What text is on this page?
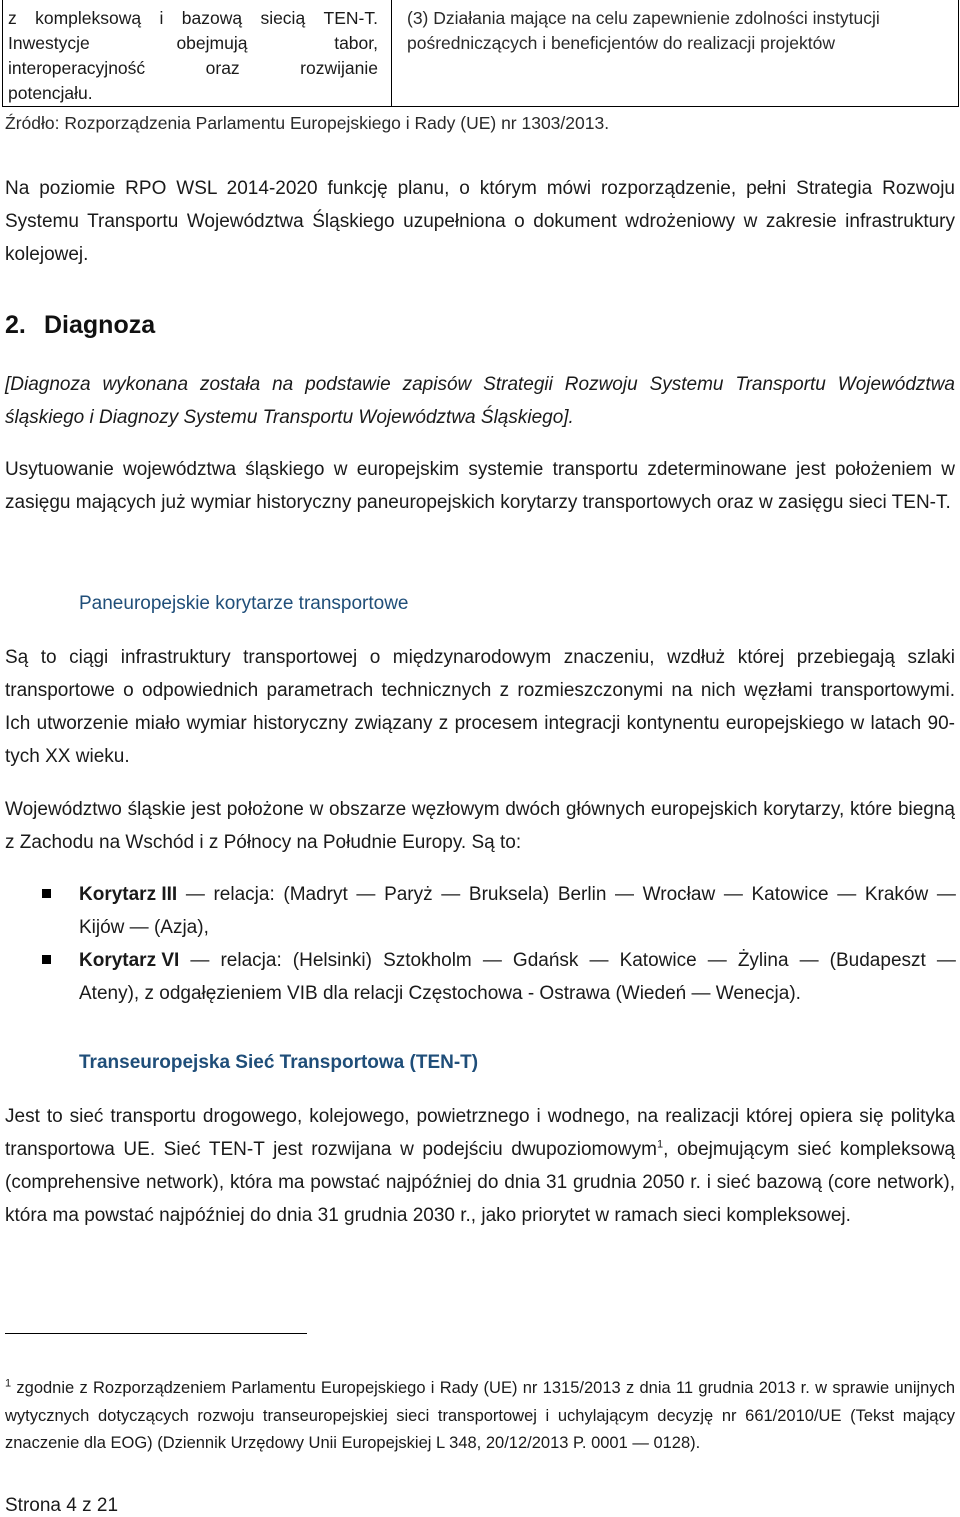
z kompleksową i bazową siecią TEN-T.
Inwestycje	obejmują	tabor,
interoperacyjność	oraz	rozwijanie
potencjału.
(3) Działania mające na celu zapewnienie zdolności instytucji pośredniczących i beneficjentów do realizacji projektów
Źródło: Rozporządzenia Parlamentu Europejskiego i Rady (UE) nr 1303/2013.
Na poziomie RPO WSL 2014-2020 funkcję planu, o którym mówi rozporządzenie, pełni Strategia Rozwoju Systemu Transportu Województwa Śląskiego uzupełniona o dokument wdrożeniowy w zakresie infrastruktury kolejowej.
2. Diagnoza
[Diagnoza wykonana została na podstawie zapisów Strategii Rozwoju Systemu Transportu Województwa śląskiego i Diagnozy Systemu Transportu Województwa Śląskiego].
Usytuowanie województwa śląskiego w europejskim systemie transportu zdeterminowane jest położeniem w zasięgu mających już wymiar historyczny paneuropejskich korytarzy transportowych oraz w zasięgu sieci TEN-T.
Paneuropejskie korytarze transportowe
Są to ciągi infrastruktury transportowej o międzynarodowym znaczeniu, wzdłuż której przebiegają szlaki transportowe o odpowiednich parametrach technicznych z rozmieszczonymi na nich węzłami transportowymi. Ich utworzenie miało wymiar historyczny związany z procesem integracji kontynentu europejskiego w latach 90-tych XX wieku.
Województwo śląskie jest położone w obszarze węzłowym dwóch głównych europejskich korytarzy, które biegną z Zachodu na Wschód i z Północy na Południe Europy. Są to:
Korytarz III — relacja: (Madryt — Paryż — Bruksela) Berlin — Wrocław — Katowice — Kraków —
Kijów — (Azja),
Korytarz VI — relacja: (Helsinki) Sztokholm — Gdańsk — Katowice — Żylina — (Budapeszt —
Ateny), z odgałęzieniem VIB dla relacji Częstochowa - Ostrawa (Wiedeń — Wenecja).
Transeuropejska Sieć Transportowa (TEN-T)
Jest to sieć transportu drogowego, kolejowego, powietrznego i wodnego, na realizacji której opiera się polityka transportowa UE. Sieć TEN-T jest rozwijana w podejściu dwupoziomowym$^1$, obejmującym sieć kompleksową (comprehensive network), która ma powstać najpóźniej do dnia 31 grudnia 2050 r. i sieć bazową (core network), która ma powstać najpóźniej do dnia 31 grudnia 2030 r., jako priorytet w ramach sieci kompleksowej.
$^1$ zgodnie z Rozporządzeniem Parlamentu Europejskiego i Rady (UE) nr 1315/2013 z dnia 11 grudnia 2013 r. w sprawie unijnych wytycznych dotyczących rozwoju transeuropejskiej sieci transportowej i uchylającym decyzję nr 661/2010/UE (Tekst mający znaczenie dla EOG) (Dziennik Urzędowy Unii Europejskiej L 348, 20/12/2013 P. 0001 — 0128).
Strona 4 z 21
